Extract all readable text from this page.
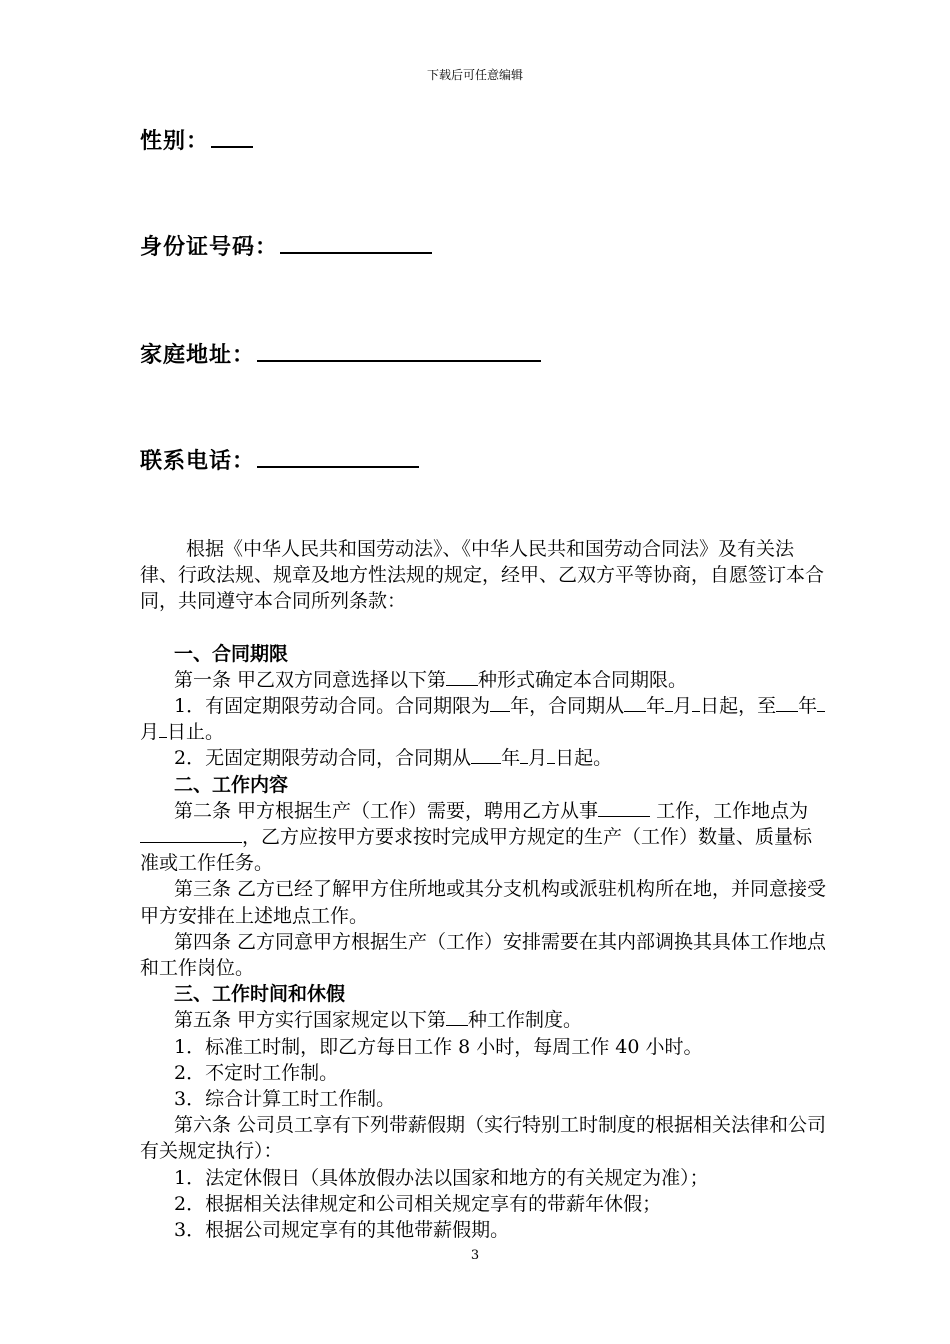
下载后可任意编辑
性别：
身份证号码：
家庭地址：
联系电话：

根据《中华人民共和国劳动法》、《中华人民共和国劳动合同法》及有关法律、行政法规、规章及地方性法规的规定，经甲、乙双方平等协商，自愿签订本合同，共同遵守本合同所列条款：

一、合同期限

第一条 甲乙双方同意选择以下第 种形式确定本合同期限。

1．有固定期限劳动合同。合同期限为 年，合同期从 年 月 日起，至 年月 日止。

2．无固定期限劳动合同，合同期从 年 月 日起。

二、工作内容

第二条 甲方根据生产（工作）需要，聘用乙方从事	工作，工作地点为，乙方应按甲方要求按时完成甲方规定的生产（工作）数量、质量标准或工作任务。

第三条 乙方已经了解甲方住所地或其分支机构或派驻机构所在地，并同意接受甲方安排在上述地点工作。

第四条 乙方同意甲方根据生产（工作）安排需要在其内部调换其具体工作地点和工作岗位。

三、工作时间和休假

第五条 甲方实行国家规定以下第 种工作制度。

1．标准工时制，即乙方每日工作 8 小时，每周工作 40 小时。

2．不定时工作制。

3．综合计算工时工作制。

第六条 公司员工享有下列带薪假期（实行特别工时制度的根据相关法律和公司有关规定执行）：

1．法定休假日（具体放假办法以国家和地方的有关规定为准）；

2．根据相关法律规定和公司相关规定享有的带薪年休假；

3．根据公司规定享有的其他带薪假期。

3
